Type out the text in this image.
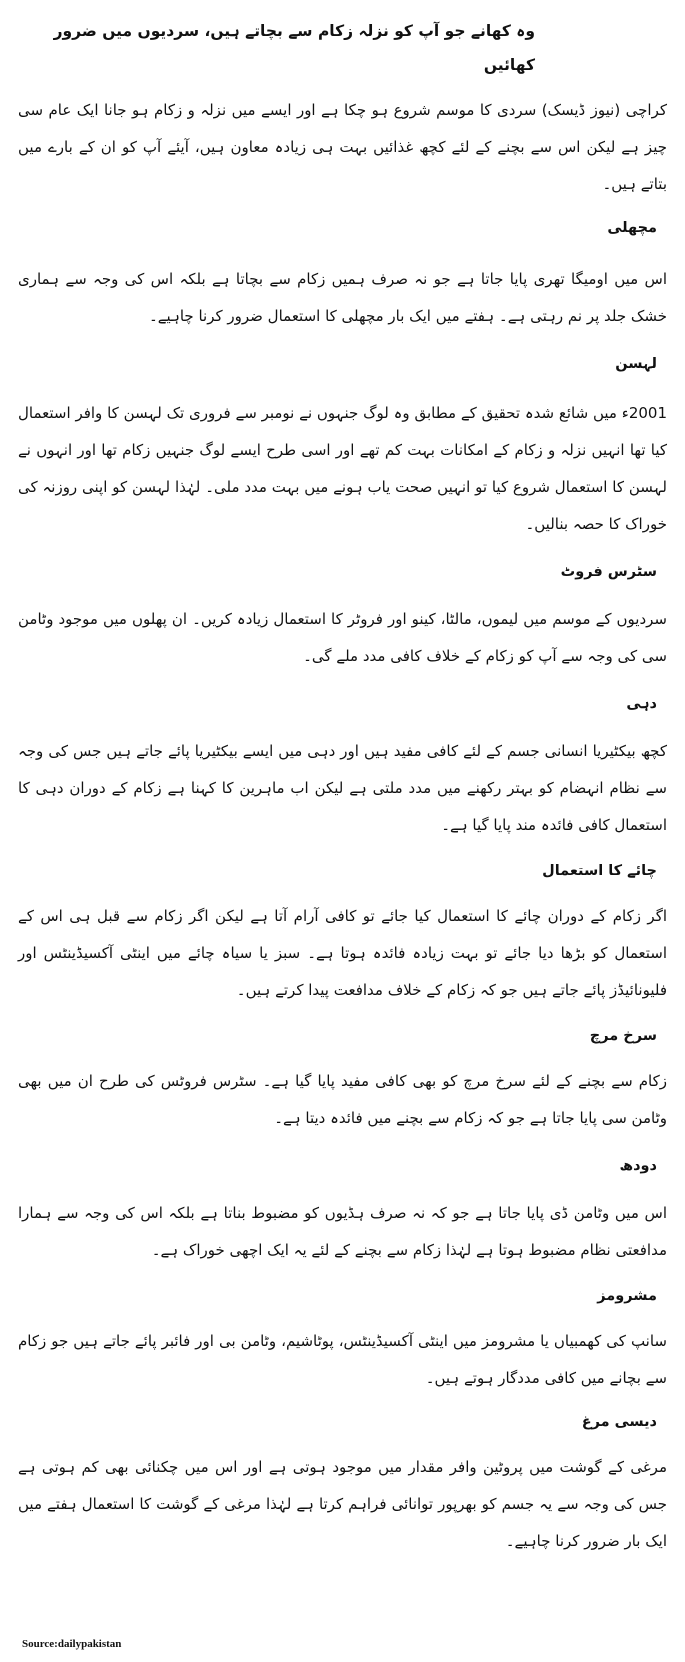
وہ کھانے جو آپ کو نزلہ زکام سے بچاتے ہیں، سردیوں میں ضرور کھائیں

کراچی (نیوز ڈیسک) سردی کا موسم شروع ہو چکا ہے اور ایسے میں نزلہ و زکام ہو جانا ایک عام سی چیز ہے لیکن اس سے بچنے کے لئے کچھ غذائیں بہت ہی زیادہ معاون ہیں، آیئے آپ کو ان کے بارے میں بتاتے ہیں۔

مچھلی

اس میں اومیگا تھری پایا جاتا ہے جو نہ صرف ہمیں زکام سے بچاتا ہے بلکہ اس کی وجہ سے ہماری خشک جلد پر نم رہتی ہے۔ ہفتے میں ایک بار مچھلی کا استعمال ضرور کرنا چاہیے۔

لہسن

2001ء میں شائع شدہ تحقیق کے مطابق وہ لوگ جنہوں نے نومبر سے فروری تک لہسن کا وافر استعمال کیا تھا انہیں نزلہ و زکام کے امکانات بہت کم تھے اور اسی طرح ایسے لوگ جنہیں زکام تھا اور انہوں نے لہسن کا استعمال شروع کیا تو انہیں صحت یاب ہونے میں بہت مدد ملی۔ لہٰذا لہسن کو اپنی روزنہ کی خوراک کا حصہ بنالیں۔

سٹرس فروٹ

سردیوں کے موسم میں لیموں، مالٹا، کینو اور فروٹر کا استعمال زیادہ کریں۔ ان پھلوں میں موجود وٹامن سی کی وجہ سے آپ کو زکام کے خلاف کافی مدد ملے گی۔

دہی

کچھ بیکٹیریا انسانی جسم کے لئے کافی مفید ہیں اور دہی میں ایسے بیکٹیریا پائے جاتے ہیں جس کی وجہ سے نظام انہضام کو بہتر رکھنے میں مدد ملتی ہے لیکن اب ماہرین کا کہنا ہے زکام کے دوران دہی کا استعمال کافی فائدہ مند پایا گیا ہے۔

چائے کا استعمال

اگر زکام کے دوران چائے کا استعمال کیا جائے تو کافی آرام آتا ہے لیکن اگر زکام سے قبل ہی اس کے استعمال کو بڑھا دیا جائے تو بہت زیادہ فائدہ ہوتا ہے۔ سبز یا سیاہ چائے میں اینٹی آکسیڈینٹس اور فلیونائیڈز پائے جاتے ہیں جو کہ زکام کے خلاف مدافعت پیدا کرتے ہیں۔

سرخ مرچ

زکام سے بچنے کے لئے سرخ مرچ کو بھی کافی مفید پایا گیا ہے۔ سٹرس فروٹس کی طرح ان میں بھی وٹامن سی پایا جاتا ہے جو کہ زکام سے بچنے میں فائدہ دیتا ہے۔

دودھ

اس میں وٹامن ڈی پایا جاتا ہے جو کہ نہ صرف ہڈیوں کو مضبوط بناتا ہے بلکہ اس کی وجہ سے ہمارا مدافعتی نظام مضبوط ہوتا ہے لہٰذا زکام سے بچنے کے لئے یہ ایک اچھی خوراک ہے۔

مشرومز

سانپ کی کھمبیاں یا مشرومز میں اینٹی آکسیڈینٹس، پوٹاشیم، وٹامن بی اور فائبر پائے جاتے ہیں جو زکام سے بچانے میں کافی مددگار ہوتے ہیں۔

دیسی مرغ

مرغی کے گوشت میں پروٹین وافر مقدار میں موجود ہوتی ہے اور اس میں چکنائی بھی کم ہوتی ہے جس کی وجہ سے یہ جسم کو بھرپور توانائی فراہم کرتا ہے لہٰذا مرغی کے گوشت کا استعمال ہفتے میں ایک بار ضرور کرنا چاہیے۔

Source:dailypakistan
